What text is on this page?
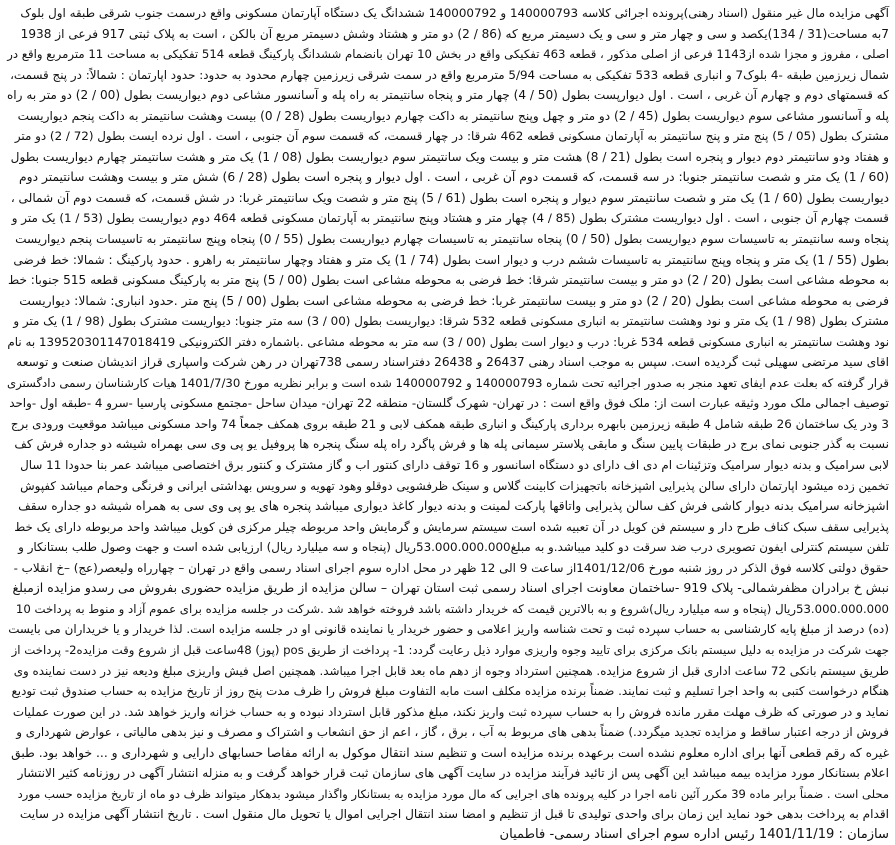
آگهی مزایده مال غیر منقول (اسناد رهنی)پرونده اجرائی کلاسه 140000793 و 140000792 ششدانگ یک دستگاه آپارتمان مسکونی واقع درسمت جنوب شرقی طبقه اول بلوک
7به مساحت(31 / 134)یکصد و سی و چهار متر و سی و یک دسیمتر مربع که (86 / 2) دو متر و هشتاد وشش دسیمتر مربع آن بالکن ، است به پلاک ثبتی 917 فرعی از 1938
اصلی ، مفروز و مجزا شده از1143 فرعی از اصلی مذکور ، قطعه 463 تفکیکی واقع در بخش 10 تهران بانضمام ششدانگ پارکینگ قطعه 514 تفکیکی به مساحت 11 مترمربع واقع در
شمال زیرزمین طبقه -4 بلوک7 و انباری قطعه 533 تفکیکی به مساحت 5/94 مترمربع واقع در سمت شرقی زیرزمین چهارم محدود به حدود: حدود اپارتمان : شمالاً: در پنج قسمت،
که قسمتهای دوم و چهارم آن غربی ، است . اول دیوارپست بطول (50 / 4) چهار متر و پنجاه سانتیمتر به راه پله و آسانسور مشاعی دوم دیواریست بطول (00 / 2) دو متر به راه
پله و آسانسور مشاعی سوم دیواریست بطول (45 / 2) دو متر و چهل وپنج سانتیمتر به داکت چهارم دیواریست بطول (28 / 0) بیست وهشت سانتیمتر به داکت پنجم دیواریست
مشترک بطول (05 / 5) پنج متر و پنج سانتیمتر به آپارتمان مسکونی قطعه 462 شرقا: در چهار قسمت، که قسمت سوم آن جنوبی ، است . اول نرده ایست بطول (72 / 2) دو متر
و هفتاد ودو سانتیمتر دوم دیوار و پنجره است بطول (21 / 8) هشت متر و بیست ویک سانتیمتر سوم دیواریست بطول (08 / 1) یک متر و هشت سانتیمتر چهارم دیواریست بطول
(60 / 1) یک متر و شصت سانتیمتر جنوبا: در سه قسمت، که قسمت دوم آن غربی ، است . اول دیوار و پنجره است بطول (28 / 6) شش متر و بیست وهشت سانتیمتر دوم
دیواریست بطول (60 / 1) یک متر و شصت سانتیمتر سوم دیوار و پنجره است بطول (61 / 5) پنج متر و شصت ویک سانتیمتر غربا: در شش قسمت، که قسمت دوم آن شمالی ،
قسمت چهارم آن جنوبی ، است . اول دیواریست مشترک بطول (85 / 4) چهار متر و هشتاد وپنج سانتیمتر به آپارتمان مسکونی قطعه 464 دوم دیواریست بطول (53 / 1) یک متر و
پنجاه وسه سانتیمتر به تاسیسات سوم دیواریست بطول (50 / 0) پنجاه سانتیمتر به تاسیسات چهارم دیواریست بطول (55 / 0) پنجاه وپنج سانتیمتر به تاسیسات پنجم دیواریست
بطول (55 / 1) یک متر و پنجاه وپنج سانتیمتر به تاسیسات ششم درب و دیوار است بطول (74 / 1) یک متر و هفتاد وچهار سانتیمتر به راهرو . حدود پارکینگ : شمالا: خط فرضی
به محوطه مشاعی است بطول (20 / 2) دو متر و بیست سانتیمتر شرقا: خط فرضی به محوطه مشاعی است بطول (00 / 5) پنج متر به پارکینگ مسکونی قطعه 515 جنوبا: خط
فرضی به محوطه مشاعی است بطول (20 / 2) دو متر و بیست سانتیمتر غربا: خط فرضی به محوطه مشاعی است بطول (00 / 5) پنج متر .حدود انباری: شمالا: دیواریست
مشترک بطول (98 / 1) یک متر و نود وهشت سانتیمتر به انباری مسکونی قطعه 532 شرقا: دیواریست بطول (00 / 3) سه متر جنوبا: دیواریست مشترک بطول (98 / 1) یک متر و
نود وهشت سانتیمتر به انباری مسکونی قطعه 534 غربا: درب و دیوار است بطول (00 / 3) سه متر به محوطه مشاعی .باشماره دفتر الکترونیکی 13952030114701841​9 به نام
اقای سید مرتضی سهیلی ثبت گردیده است. سپس به موجب اسناد رهنی 26437 و 26438 دفتراسناد رسمی 738تهران در رهن شرکت واسپاری قراز اندیشان صنعت و توسعه
قرار گرفته که بعلت عدم ایفای تعهد منجر به صدور اجرائیه تحت شماره 140000793 و 140000792 شده است و برابر نظریه مورخ 1401/7/30 هیات کارشناسان رسمی دادگستری
توصیف اجمالی ملک مورد وثیقه عبارت است از: ملک فوق واقع است : در تهران- شهرک گلستان- منطقه 22 تهران- میدان ساحل -مجتمع مسکونی پارسیا -سرو 4 -طبقه اول -واحد
3 ودر یک ساختمان 26 طبقه شامل 4 طبقه زیرزمین بابهره برداری پارکینگ و انباری طبقه همکف لابی و 21 طبقه بروی همکف جمعاً 74 واحد مسکونی میباشد موقعیت ورودی برج
نسبت به گذر جنوبی نمای برج در طبقات پایین سنگ و مابقی پلاستر سیمانی پله ها و فرش پاگرد راه پله سنگ پنجره ها پروفیل یو پی وی سی بهمراه شیشه دو جداره فرش کف
لابی سرامیک و بدنه دیوار سرامیک وتزئینات ام دی اف دارای دو دستگاه اسانسور و 16 توقف دارای کنتور اب و گاز مشترک و کنتور برق اختصاصی میباشد عمر بنا حدودا 11 سال
تخمین زده میشود اپارتمان دارای سالن پذیرایی اشپزخانه باتجهیزات کابینت گلاس و سینک ظرفشویی دوقلو وهود تهویه و سرویس بهداشتی ایرانی و فرنگی وحمام میباشد کفپوش
اشپزخانه سرامیک بدنه دیوار کاشی فرش کف سالن پذیرایی واتاقها پارکت لمینت و بدنه دیوار کاغذ دیواری میباشد پنجره های یو پی وی سی به همراه شیشه دو جداره سقف
پذیرایی سقف سبک کناف طرح دار و سیستم فن کویل در آن تعبیه شده است سیستم سرمایش و گرمایش واحد مربوطه چیلر مرکزی فن کویل میباشد واحد مربوطه دارای یک خط
تلفن سیستم کنترلی ایفون تصویری درب ضد سرقت دو کلید میباشد.و به مبلغ53.000.000.000ریال (پنجاه و سه میلیارد ریال) ارزیابی شده است و جهت وصول طلب بستانکار و
حقوق دولتی کلاسه فوق الذکر در روز شنبه مورخ 1401/12/06از ساعت 9 الی 12 ظهر در محل اداره سوم اجرای اسناد رسمی واقع در تهران – چهارراه ولیعصر(عج) –خ انقلاب -
نبش خ برادران مظفرشمالی- پلاک 919 -ساختمان معاونت اجرای اسناد رسمی ثبت استان تهران – سالن مزایده از طریق مزایده حضوری بفروش می رسدو مزایده ازمبلغ
53.000.000.000ریال (پنجاه و سه میلیارد ریال)شروع و به بالاترین قیمت که خریدار داشته باشد فروخته خواهد شد .شرکت در جلسه مزایده برای عموم آزاد و منوط به پرداخت 10
(ده) درصد از مبلغ پایه کارشناسی به حساب سپرده ثبت و تحت شناسه واریز اعلامی و حضور خریدار یا نماینده قانونی او در جلسه مزایده است. لذا خریدار و یا خریداران می بایست
جهت شرکت در مزایده به دلیل سیستم بانک مرکزی برای تایید وجوه واریزی موارد ذیل رعایت گردد: 1- پرداخت از طریق pos (پوز) 48ساعت قبل از شروع وقت مزایده2- پرداخت از
طریق سیستم بانکی 72 ساعت اداری قبل از شروع مزایده. همچنین استرداد وجوه از دهم ماه بعد قابل اجرا میباشد. همچنین اصل فیش واریزی مبلغ ودیعه نیز در دست نماینده وی
هنگام درخواست کتبی به واحد اجرا تسلیم و ثبت نمایند. ضمناً برنده مزایده مکلف است مابه التفاوت مبلغ فروش را ظرف مدت پنج روز از تاریخ مزایده به حساب صندوق ثبت تودیع
نماید و در صورتی که ظرف مهلت مقرر مانده فروش را به حساب سپرده ثبت واریز نکند، مبلغ مذکور قابل استرداد نبوده و به حساب خزانه واریز خواهد شد. در این صورت عملیات
فروش از درجه اعتبار ساقط و مزایده تجدید میگردد.) ضمناً بدهی های مربوط به آب ، برق ، گاز ، اعم از حق انشعاب و اشتراک و مصرف و نیز بدهی مالیاتی ، عوارض شهرداری و
غیره که رقم قطعی آنها برای اداره معلوم نشده است برعهده برنده مزایده است و تنظیم سند انتقال موکول به ارائه مفاصا حسابهای دارایی و شهرداری و ... خواهد بود. طبق
اعلام بستانکار مورد مزایده بیمه میباشد این آگهی پس از تائید فرآیند مزایده در سایت آگهی های سازمان ثبت قرار خواهد گرفت و به منزله انتشار آگهی در روزنامه کثیر الانتشار
محلی است . ضمناً برابر ماده 39 مکرر آئین نامه اجرا در کلیه پرونده های اجرایی که مال مورد مزایده به بستانکار واگذار میشود بدهکار میتواند ظرف دو ماه از تاریخ مزایده حسب مورد
اقدام به پرداخت بدهی خود نماید این زمان برای واحدی تولیدی تا قبل از تنظیم و امضا سند انتقال اجرایی اموال یا تحویل مال منقول است . تاریخ انتشار آگهی مزایده در سایت
سازمان : 1401/11/19 رئیس اداره سوم اجرای اسناد رسمی- فاطمیان
